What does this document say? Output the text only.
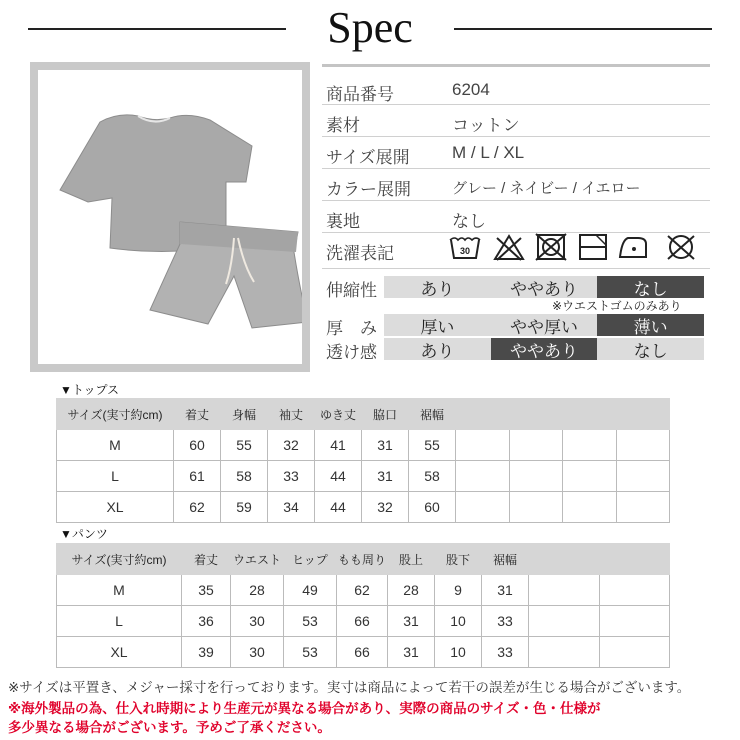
Spec
商品番号	6204
素材	コットン
サイズ展開 M / L / XL
カラー展開	グレー / ネイビー / イエロー
裏地	なし
洗濯表記	30
伸縮性	あり	ややあり	なし
※ウエストゴムのみあり
厚　み	厚い	やや厚い	薄い
透け感	あり	ややあり	なし
▼トップス
サイズ(実寸約cm)	着丈	身幅	袖丈	ゆき丈	脇口	裾幅				
M	60	55	32	41	31	55				
L	61	58	33	44	31	58				
XL	62	59	34	44	32	60				
▼パンツ
サイズ(実寸約cm)	着丈	ウエスト	ヒップ	もも周り	股上	股下	裾幅		
M	35	28	49	62	28	9	31		
L	36	30	53	66	31	10	33		
XL	39	30	53	66	31	10	33		
※サイズは平置き、メジャー採寸を行っております。実寸は商品によって若干の誤差が生じる場合がございます。
※海外製品の為、仕入れ時期により生産元が異なる場合があり、実際の商品のサイズ・色・仕様が
多少異なる場合がございます。予めご了承ください。
